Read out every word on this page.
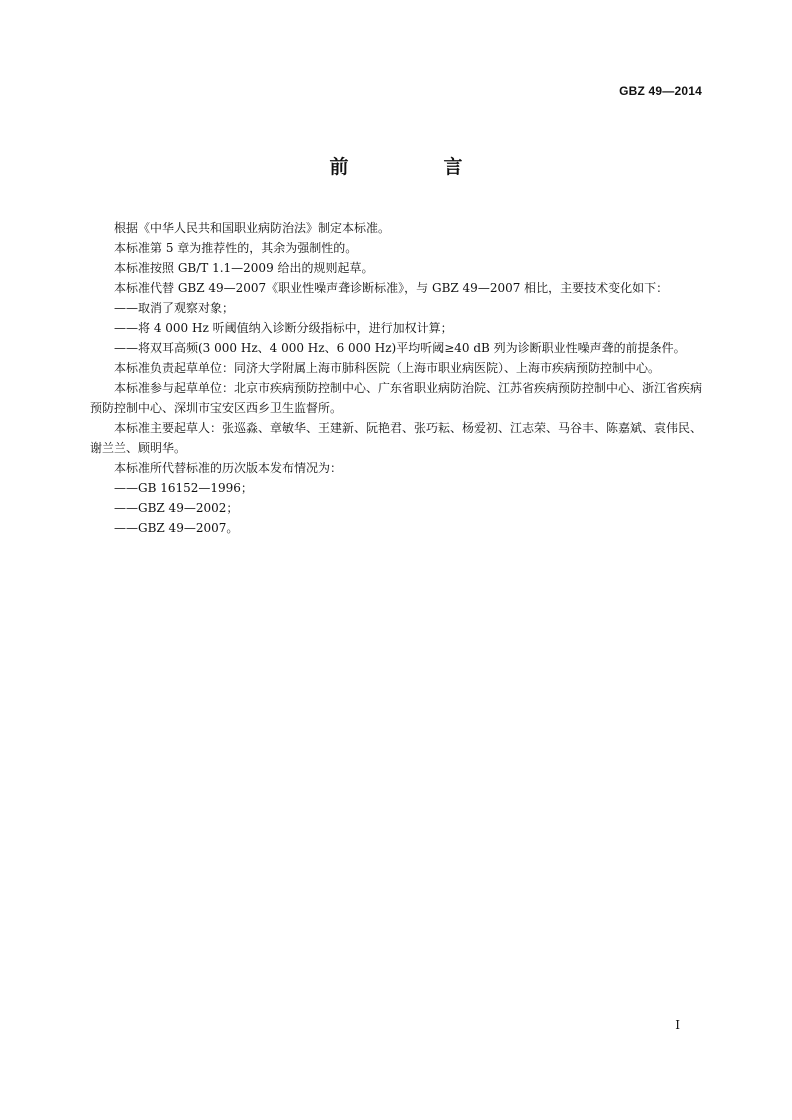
GBZ 49—2014
前　言

根据《中华人民共和国职业病防治法》制定本标准。

本标准第 5 章为推荐性的，其余为强制性的。

本标准按照 GB/T 1.1—2009 给出的规则起草。

本标准代替 GBZ 49—2007《职业性噪声聋诊断标准》，与 GBZ 49—2007 相比，主要技术变化如下：

——取消了观察对象；

——将 4 000 Hz 听阈值纳入诊断分级指标中，进行加权计算；

——将双耳高频(3 000 Hz、4 000 Hz、6 000 Hz)平均听阈≥40 dB 列为诊断职业性噪声聋的前提条件。

本标准负责起草单位：同济大学附属上海市肺科医院（上海市职业病医院）、上海市疾病预防控制中心。

本标准参与起草单位：北京市疾病预防控制中心、广东省职业病防治院、江苏省疾病预防控制中心、浙江省疾病预防控制中心、深圳市宝安区西乡卫生监督所。

本标准主要起草人：张巡淼、章敏华、王建新、阮艳君、张巧耘、杨爱初、江志荣、马谷丰、陈嘉斌、袁伟民、谢兰兰、顾明华。

本标准所代替标准的历次版本发布情况为：

——GB 16152—1996；

——GBZ 49—2002；

——GBZ 49—2007。

I
